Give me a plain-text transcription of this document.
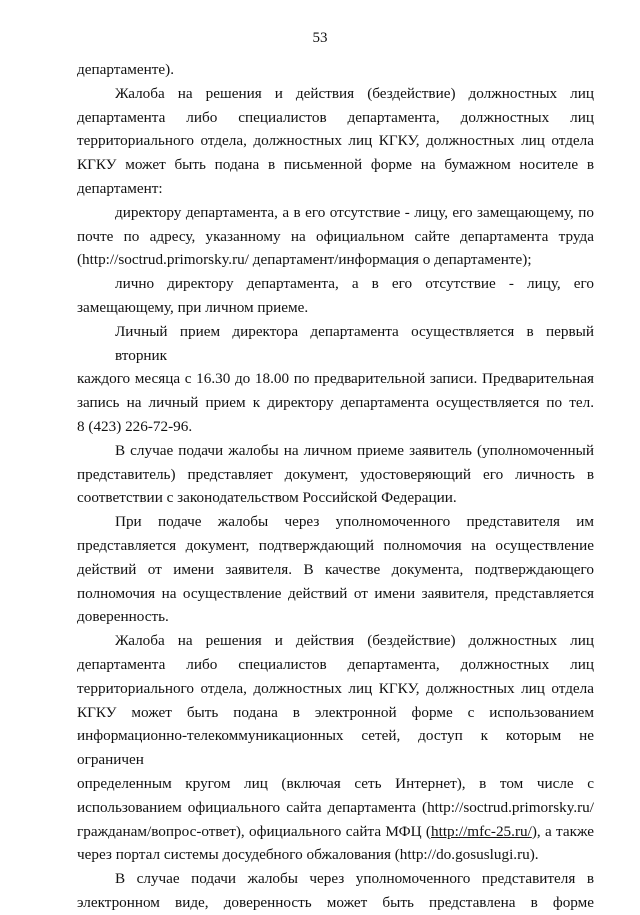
53

департаменте).

Жалоба на решения и действия (бездействие) должностных лиц
департамента либо специалистов департамента, должностных лиц
территориального отдела, должностных лиц КГКУ, должностных лиц отдела
КГКУ может быть подана в письменной форме на бумажном носителе в
департамент:

директору департамента, а в его отсутствие - лицу, его замещающему, по
почте по адресу, указанному на официальном сайте департамента труда
(http://soctrud.primorsky.ru/ департамент/информация о департаменте);

лично директору департамента, а в его отсутствие - лицу, его
замещающему, при личном приеме.

Личный прием директора департамента осуществляется в первый вторник
каждого месяца с 16.30 до 18.00 по предварительной записи. Предварительная
запись на личный прием к директору департамента осуществляется по тел.
8 (423) 226-72-96.

В случае подачи жалобы на личном приеме заявитель (уполномоченный
представитель) представляет документ, удостоверяющий его личность в
соответствии с законодательством Российской Федерации.

При подаче жалобы через уполномоченного представителя им
представляется документ, подтверждающий полномочия на осуществление
действий от имени заявителя. В качестве документа, подтверждающего
полномочия на осуществление действий от имени заявителя, представляется
доверенность.

Жалоба на решения и действия (бездействие) должностных лиц
департамента либо специалистов департамента, должностных лиц
территориального отдела, должностных лиц КГКУ, должностных лиц отдела
КГКУ может быть подана в электронной форме с использованием
информационно-телекоммуникационных сетей, доступ к которым не ограничен
определенным кругом лиц (включая сеть Интернет), в том числе с
использованием официального сайта департамента (http://soctrud.primorsky.ru/
гражданам/вопрос-ответ), официального сайта МФЦ (http://mfc-25.ru/), а также
через портал системы досудебного обжалования (http://do.gosuslugi.ru).

В случае подачи жалобы через уполномоченного представителя в
электронном виде, доверенность может быть представлена в форме
